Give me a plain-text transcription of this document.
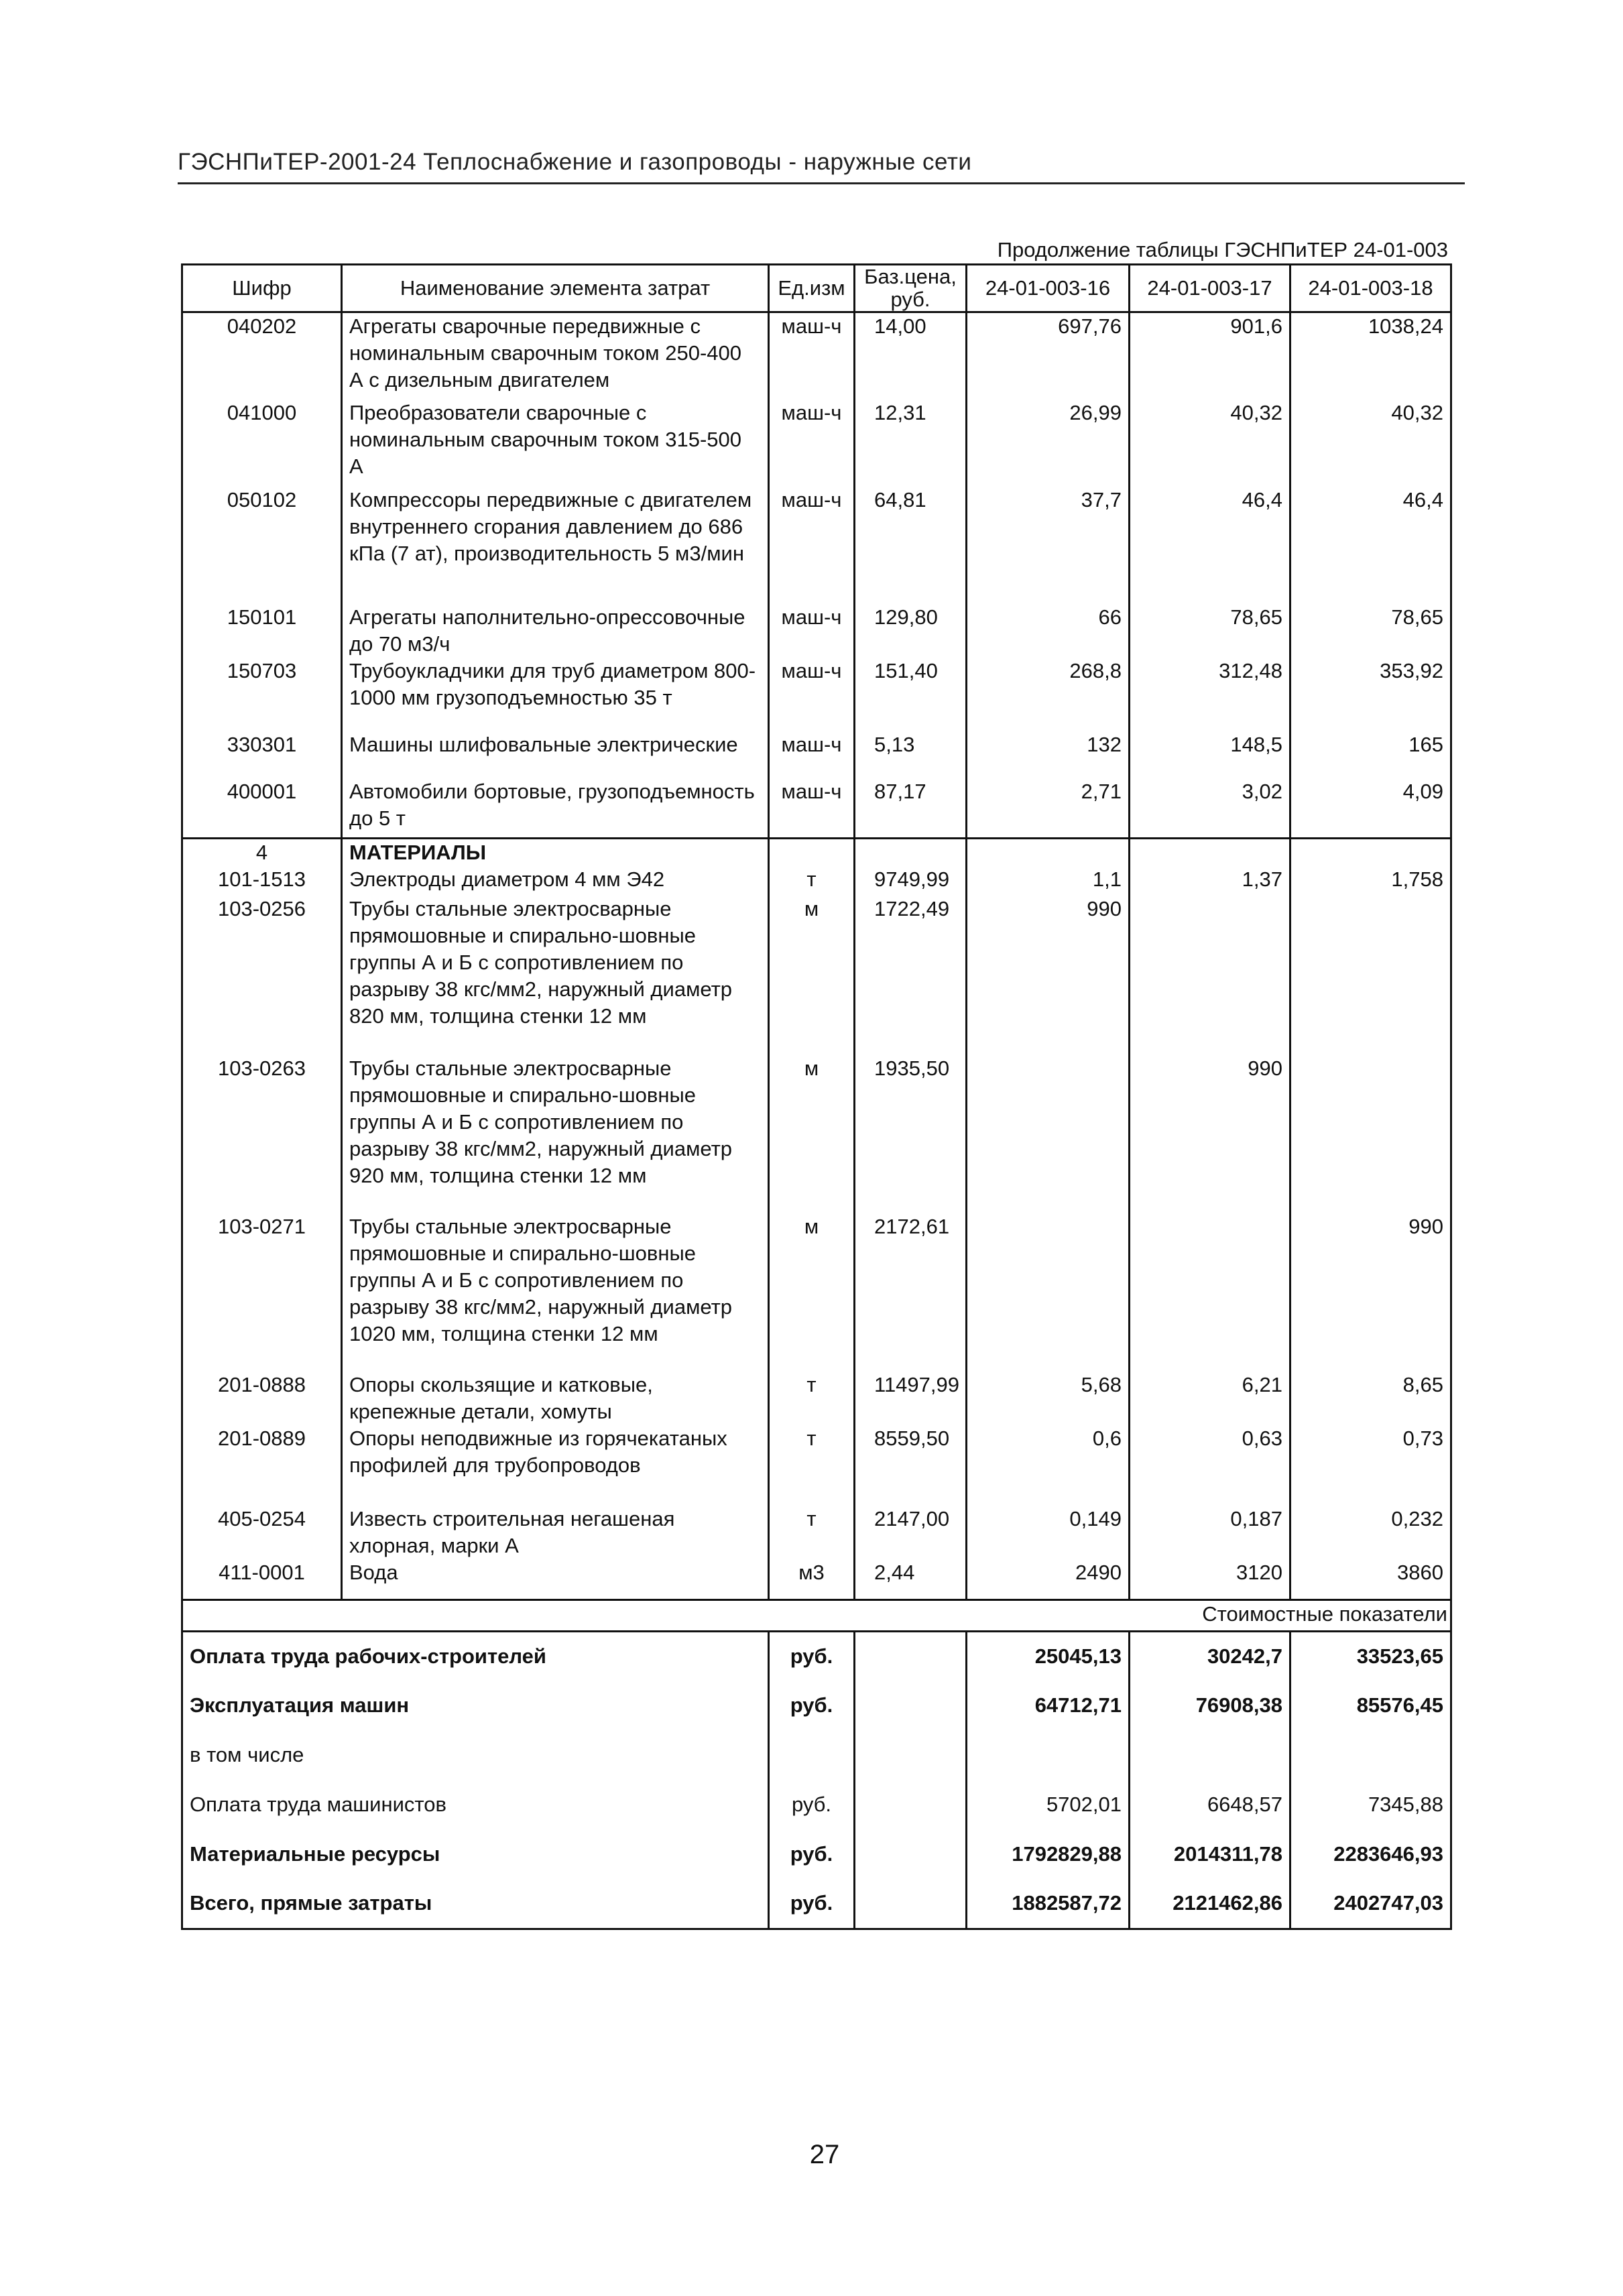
ГЭСНПиТЕР-2001-24 Теплоснабжение и газопроводы - наружные сети
Продолжение таблицы ГЭСНПиТЕР 24-01-003
Шифр	Наименование элемента затрат	Ед.изм	Баз.цена, руб.	24-01-003-16	24-01-003-17	24-01-003-18
040202	Агрегаты сварочные передвижные с номинальным сварочным током 250-400 А с дизельным двигателем	маш-ч	14,00	697,76	901,6	1038,24
041000	Преобразователи сварочные с номинальным сварочным током 315-500 А	маш-ч	12,31	26,99	40,32	40,32
050102	Компрессоры передвижные с двигателем внутреннего сгорания давлением до 686 кПа (7 ат), производительность 5 м3/мин	маш-ч	64,81	37,7	46,4	46,4
150101	Агрегаты наполнительно-опрессовочные до 70 м3/ч	маш-ч	129,80	66	78,65	78,65
150703	Трубоукладчики для труб диаметром 800-1000 мм грузоподъемностью 35 т	маш-ч	151,40	268,8	312,48	353,92
330301	Машины шлифовальные электрические	маш-ч	5,13	132	148,5	165
400001	Автомобили бортовые, грузоподъемность до 5 т	маш-ч	87,17	2,71	3,02	4,09
4	МАТЕРИАЛЫ					
101-1513	Электроды диаметром 4 мм Э42	т	9749,99	1,1	1,37	1,758
103-0256	Трубы стальные электросварные прямошовные и спирально-шовные группы А и Б с сопротивлением по разрыву 38 кгс/мм2, наружный диаметр 820 мм, толщина стенки 12 мм	м	1722,49	990		
103-0263	Трубы стальные электросварные прямошовные и спирально-шовные группы А и Б с сопротивлением по разрыву 38 кгс/мм2, наружный диаметр 920 мм, толщина стенки 12 мм	м	1935,50		990	
103-0271	Трубы стальные электросварные прямошовные и спирально-шовные группы А и Б с сопротивлением по разрыву 38 кгс/мм2, наружный диаметр 1020 мм, толщина стенки 12 мм	м	2172,61			990
201-0888	Опоры скользящие и катковые, крепежные детали, хомуты	т	11497,99	5,68	6,21	8,65
201-0889	Опоры неподвижные из горячекатаных профилей для трубопроводов	т	8559,50	0,6	0,63	0,73
405-0254	Известь строительная негашеная хлорная, марки А	т	2147,00	0,149	0,187	0,232
411-0001	Вода	м3	2,44	2490	3120	3860
Стоимостные показатели						
Оплата труда рабочих-строителей		руб.		25045,13	30242,7	33523,65
Эксплуатация машин		руб.		64712,71	76908,38	85576,45
в том числе						
Оплата труда машинистов		руб.		5702,01	6648,57	7345,88
Материальные ресурсы		руб.		1792829,88	2014311,78	2283646,93
Всего, прямые затраты		руб.		1882587,72	2121462,86	2402747,03
27
